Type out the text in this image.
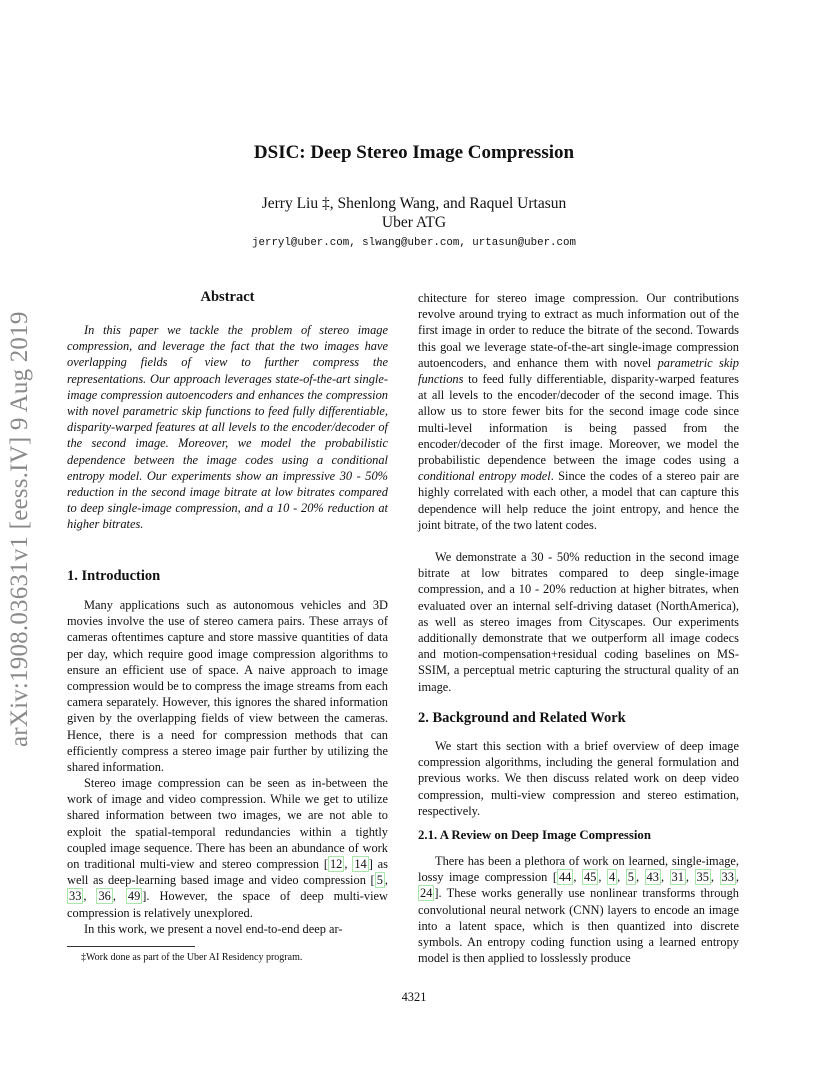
arXiv:1908.03631v1 [eess.IV] 9 Aug 2019
DSIC: Deep Stereo Image Compression
Jerry Liu ‡, Shenlong Wang, and Raquel Urtasun
Uber ATG
jerryl@uber.com, slwang@uber.com, urtasun@uber.com
Abstract
In this paper we tackle the problem of stereo image compression, and leverage the fact that the two images have overlapping fields of view to further compress the representations. Our approach leverages state-of-the-art single-image compression autoencoders and enhances the compression with novel parametric skip functions to feed fully differentiable, disparity-warped features at all levels to the encoder/decoder of the second image. Moreover, we model the probabilistic dependence between the image codes using a conditional entropy model. Our experiments show an impressive 30 - 50% reduction in the second image bitrate at low bitrates compared to deep single-image compression, and a 10 - 20% reduction at higher bitrates.
1. Introduction
Many applications such as autonomous vehicles and 3D movies involve the use of stereo camera pairs. These arrays of cameras oftentimes capture and store massive quantities of data per day, which require good image compression algorithms to ensure an efficient use of space. A naive approach to image compression would be to compress the image streams from each camera separately. However, this ignores the shared information given by the overlapping fields of view between the cameras. Hence, there is a need for compression methods that can efficiently compress a stereo image pair further by utilizing the shared information.
Stereo image compression can be seen as in-between the work of image and video compression. While we get to utilize shared information between two images, we are not able to exploit the spatial-temporal redundancies within a tightly coupled image sequence. There has been an abundance of work on traditional multi-view and stereo compression [ 12 , 14 ] as well as deep-learning based image and video compression [ 5 , 33 , 36 , 49 ]. However, the space of deep multi-view compression is relatively unexplored.
In this work, we present a novel end-to-end deep ar-
‡Work done as part of the Uber AI Residency program.
chitecture for stereo image compression. Our contributions revolve around trying to extract as much information out of the first image in order to reduce the bitrate of the second. Towards this goal we leverage state-of-the-art single-image compression autoencoders, and enhance them with novel parametric skip functions to feed fully differentiable, disparity-warped features at all levels to the encoder/decoder of the second image. This allow us to store fewer bits for the second image code since multi-level information is being passed from the encoder/decoder of the first image. Moreover, we model the probabilistic dependence between the image codes using a conditional entropy model. Since the codes of a stereo pair are highly correlated with each other, a model that can capture this dependence will help reduce the joint entropy, and hence the joint bitrate, of the two latent codes.
We demonstrate a 30 - 50% reduction in the second image bitrate at low bitrates compared to deep single-image compression, and a 10 - 20% reduction at higher bitrates, when evaluated over an internal self-driving dataset (NorthAmerica), as well as stereo images from Cityscapes. Our experiments additionally demonstrate that we outperform all image codecs and motion-compensation+residual coding baselines on MS-SSIM, a perceptual metric capturing the structural quality of an image.
2. Background and Related Work
We start this section with a brief overview of deep image compression algorithms, including the general formulation and previous works. We then discuss related work on deep video compression, multi-view compression and stereo estimation, respectively.
2.1. A Review on Deep Image Compression
There has been a plethora of work on learned, single-image, lossy image compression [ 44 , 45 , 4 , 5 , 43 , 31 , 35 , 33 , 24 ]. These works generally use nonlinear transforms through convolutional neural network (CNN) layers to encode an image into a latent space, which is then quantized into discrete symbols. An entropy coding function using a learned entropy model is then applied to losslessly produce
4321
